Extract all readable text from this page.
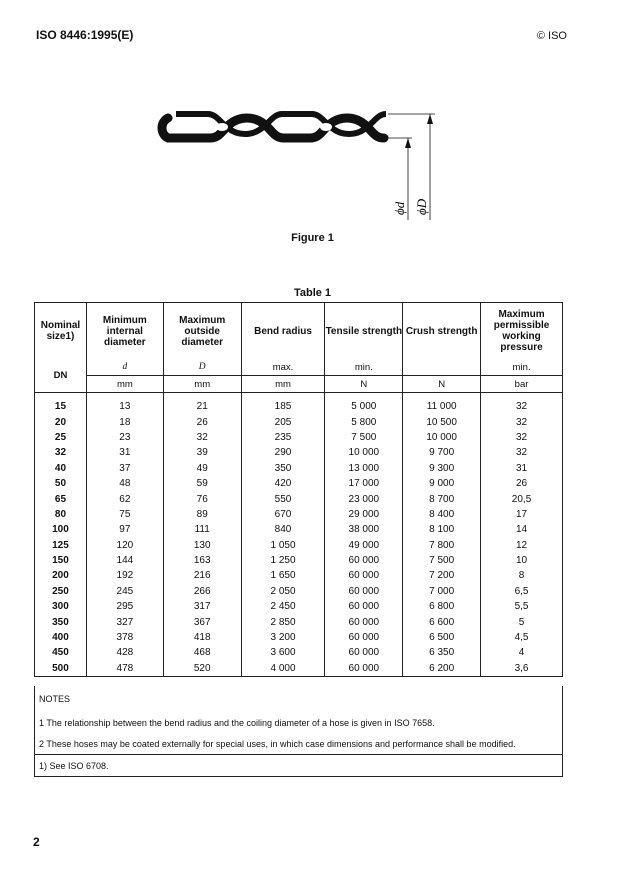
ISO 8446:1995(E)	© ISO
ϕd ϕD
Figure 1
Table 1
Nominal size1)	Minimum internal diameter	Maximum outside diameter	Bend radius	Tensile strength	Crush strength	Maximum permissible working pressure
DN	d	D	max.	min.		min.
	mm	mm	mm	N	N	bar
15	13	21	185	5 000	11 000	32
20	18	26	205	5 800	10 500	32
25	23	32	235	7 500	10 000	32
32	31	39	290	10 000	9 700	32
40	37	49	350	13 000	9 300	31
50	48	59	420	17 000	9 000	26
65	62	76	550	23 000	8 700	20,5
80	75	89	670	29 000	8 400	17
100	97	111	840	38 000	8 100	14
125	120	130	1 050	49 000	7 800	12
150	144	163	1 250	60 000	7 500	10
200	192	216	1 650	60 000	7 200	8
250	245	266	2 050	60 000	7 000	6,5
300	295	317	2 450	60 000	6 800	5,5
350	327	367	2 850	60 000	6 600	5
400	378	418	3 200	60 000	6 500	4,5
450	428	468	3 600	60 000	6 350	4
500	478	520	4 000	60 000	6 200	3,6
NOTES
1 The relationship between the bend radius and the coiling diameter of a hose is given in ISO 7658.
2 These hoses may be coated externally for special uses, in which case dimensions and performance shall be modified.
1) See ISO 6708.
2
